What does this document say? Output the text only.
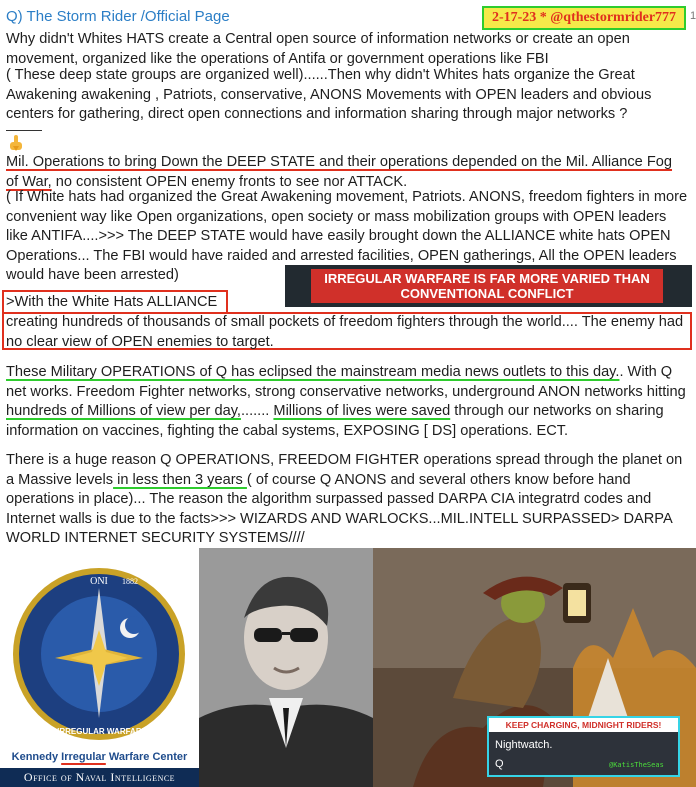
Q) The Storm Rider /Official Page	2-17-23 * @qthestormrider777	1

Why didn't Whites HATS create a Central open source of information networks or create an open movement, organized like the operations of Antifa or government operations like FBI

( These deep state groups are organized well)......Then why didn't Whites hats organize the Great Awakening awakening , Patriots, conservative, ANONS Movements with OPEN leaders and obvious centers for gathering, direct open connections and information sharing through major networks ?

Mil. Operations to bring Down the DEEP STATE and their operations depended on the Mil. Alliance Fog
of War, no consistent OPEN enemy fronts to see nor ATTACK.

( If White hats had organized the Great Awakening movement, Patriots. ANONS, freedom fighters in more convenient way like Open organizations, open society or mass mobilization groups with OPEN leaders like ANTIFA....>>> The DEEP STATE would have easily brought down the ALLIANCE white hats OPEN Operations... The FBI would have raided and arrested facilities, OPEN gatherings, All the OPEN leaders would have been arrested)	IRREGULAR WARFARE IS FAR MORE VARIED THAN
CONVENTIONAL CONFLICT

>With the White Hats ALLIANCE

creating hundreds of thousands of small pockets of freedom fighters through the world.... The enemy had no clear view of OPEN enemies to target.

These Military OPERATIONS of Q has eclipsed the mainstream media news outlets to this day.. With Q net works. Freedom Fighter networks, strong conservative networks, underground ANON networks hitting hundreds of Millions of view per day,....... Millions of lives were saved through our networks on sharing information on vaccines, fighting the cabal systems, EXPOSING [ DS] operations. ECT.

There is a huge reason Q OPERATIONS, FREEDOM FIGHTER operations spread through the planet on a Massive levels in less then 3 years ( of course Q ANONS and several others know before hand operations in place)... The reason the algorithm surpassed passed DARPA CIA integratrd codes and Internet walls is due to the facts>>> WIZARDS AND WARLOCKS...MIL.INTELL SURPASSED> DARPA WORLD INTERNET SECURITY SYSTEMS////

ONI 1882
KENNEDY IRREGULAR WARFARE CENTER
Kennedy Irregular Warfare Center
Office of Naval Intelligence
KEEP CHARGING, MIDNIGHT RIDERS!
Nightwatch.
Q	@KatisTheSeas
